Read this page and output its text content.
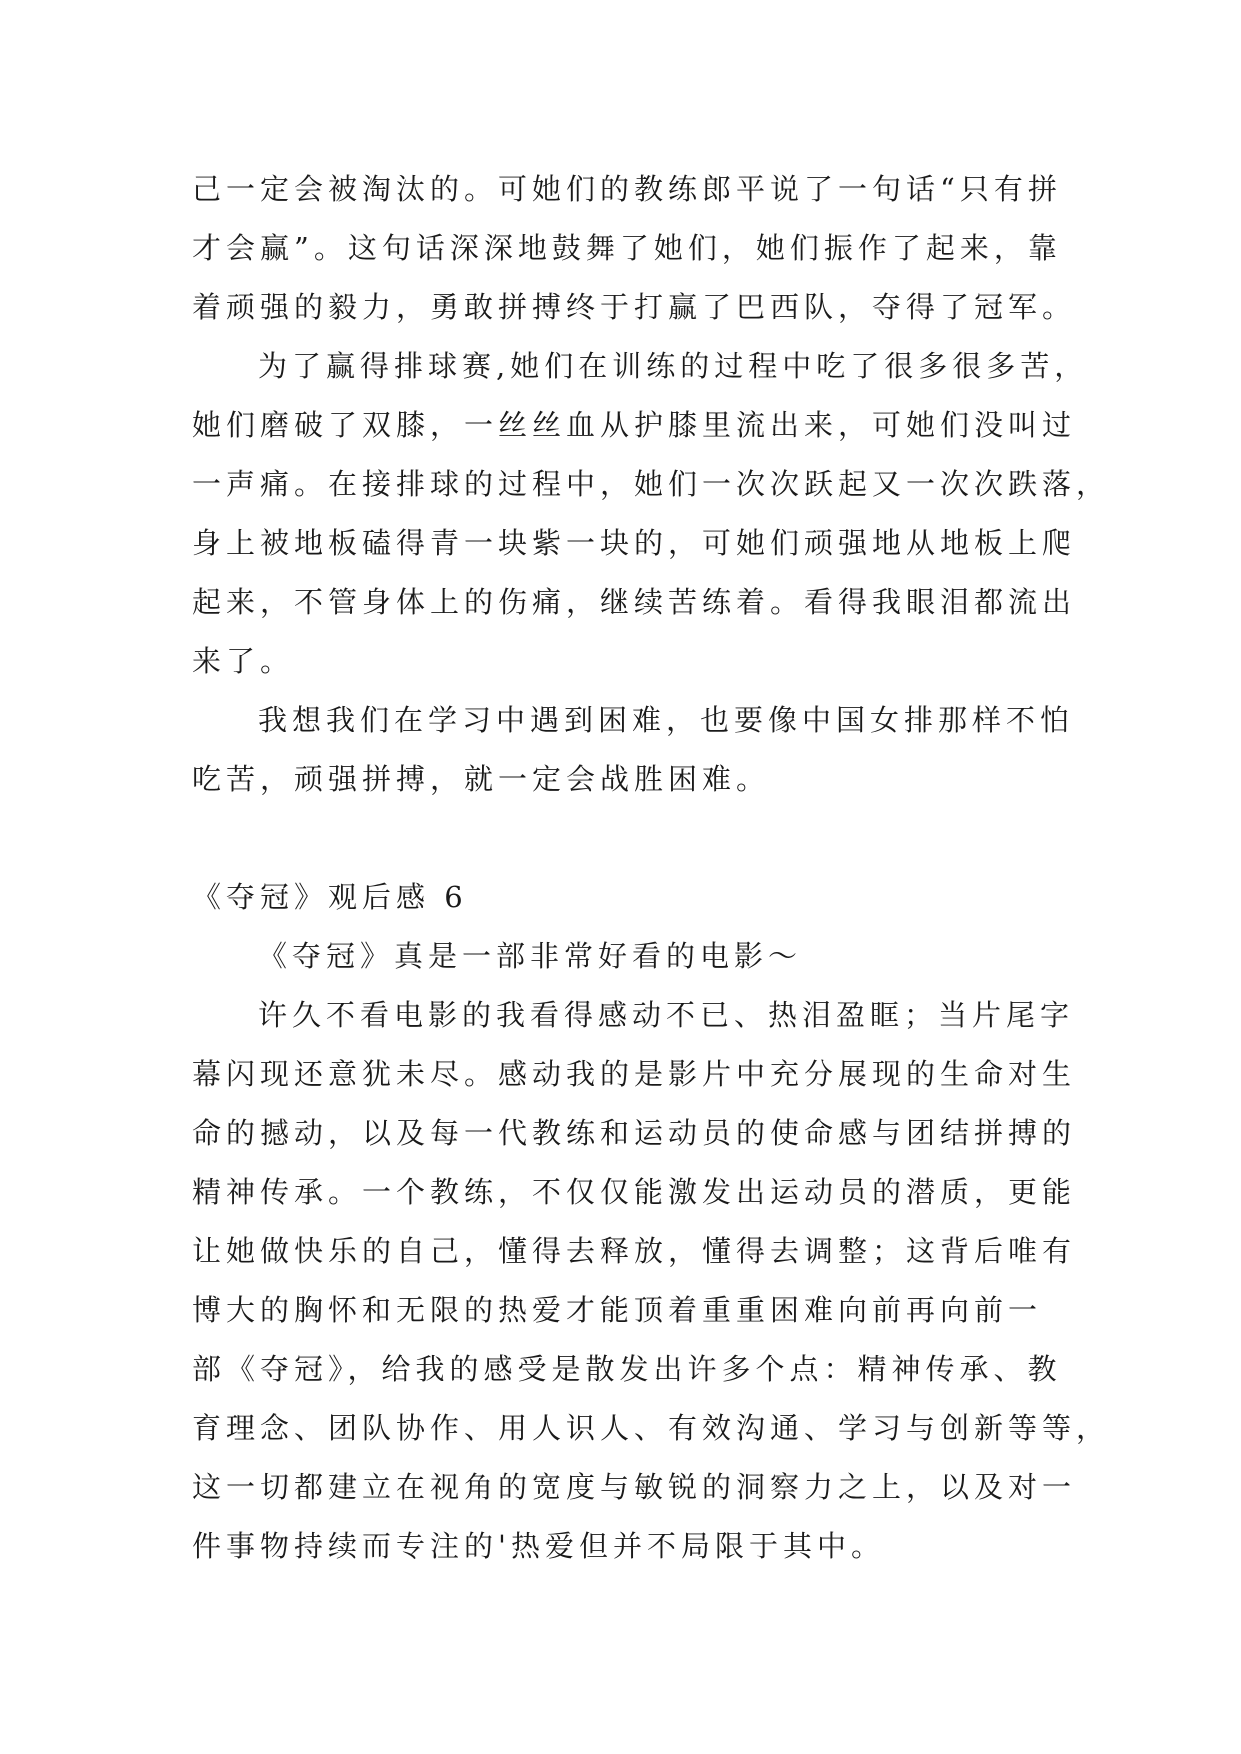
己一定会被淘汰的。可她们的教练郎平说了一句话“只有拼
才会赢”。这句话深深地鼓舞了她们，她们振作了起来，靠
着顽强的毅力，勇敢拼搏终于打赢了巴西队，夺得了冠军。
为了赢得排球赛,她们在训练的过程中吃了很多很多苦，
她们磨破了双膝，一丝丝血从护膝里流出来，可她们没叫过
一声痛。在接排球的过程中，她们一次次跃起又一次次跌落，
身上被地板磕得青一块紫一块的，可她们顽强地从地板上爬
起来，不管身体上的伤痛，继续苦练着。看得我眼泪都流出
来了。
我想我们在学习中遇到困难，也要像中国女排那样不怕
吃苦，顽强拼搏，就一定会战胜困难。
《夺冠》观后感 6
《夺冠》真是一部非常好看的电影～
许久不看电影的我看得感动不已、热泪盈眶；当片尾字
幕闪现还意犹未尽。感动我的是影片中充分展现的生命对生
命的撼动，以及每一代教练和运动员的使命感与团结拼搏的
精神传承。一个教练，不仅仅能激发出运动员的潜质，更能
让她做快乐的自己，懂得去释放，懂得去调整；这背后唯有
博大的胸怀和无限的热爱才能顶着重重困难向前再向前一
部《夺冠》，给我的感受是散发出许多个点：精神传承、教
育理念、团队协作、用人识人、有效沟通、学习与创新等等，
这一切都建立在视角的宽度与敏锐的洞察力之上，以及对一
件事物持续而专注的'热爱但并不局限于其中。
